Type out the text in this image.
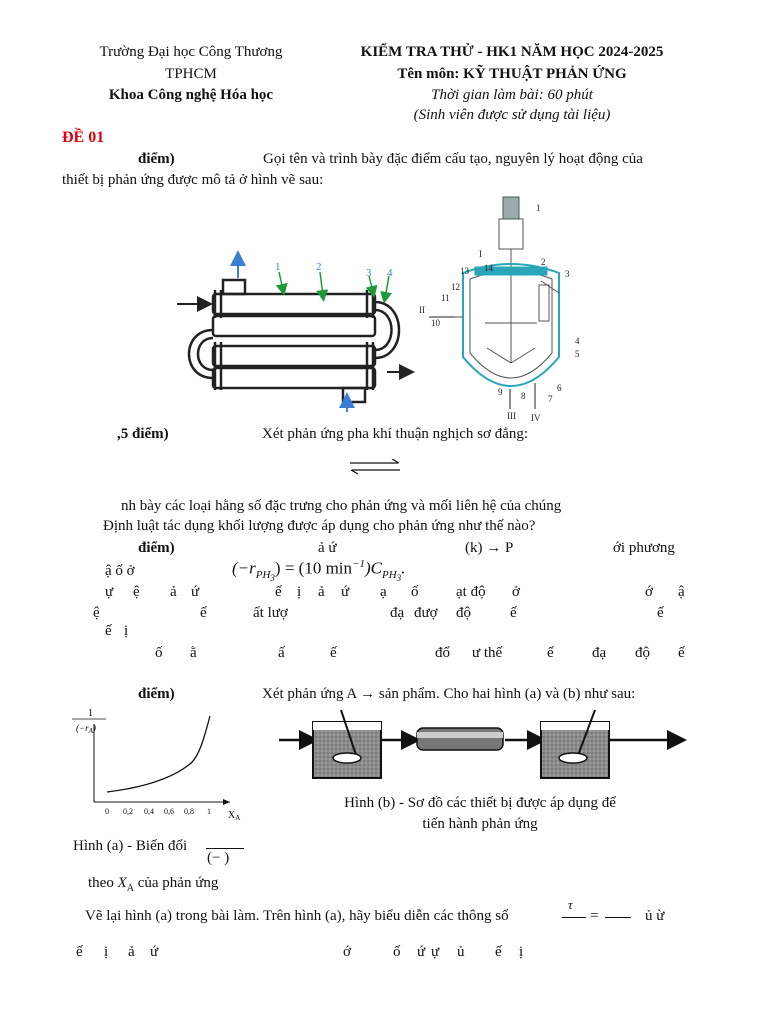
Trường Đại học Công Thương
TPHCM
Khoa Công nghệ Hóa học
KIỂM TRA THỬ - HK1 NĂM HỌC 2024-2025
Tên môn: KỸ THUẬT PHẢN ỨNG
Thời gian làm bài: 60 phút
(Sinh viên được sử dụng tài liệu)
ĐỀ 01
điểm)	Gọi tên và trình bày đặc điểm cấu tạo, nguyên lý hoạt động của
thiết bị phản ứng được mô tả ở hình vẽ sau:
1	2	3 4
1
2
3
4
5
6
7
8
9
10
11
12
13 14
I
II
III IV
,5 điểm)	Xét phản ứng pha khí thuận nghịch sơ đẳng:
nh bày các loại hằng số đặc trưng cho phản ứng và mối liên hệ của chúng
Định luật tác dụng khối lượng được áp dụng cho phản ứng như thế nào?
điểm)	ả ứ	(k) → P	ới phương
ậ ố ở	$(-r_{PH_3}) = (10$ $\min^{-1})C_{PH_3}$.
ự ệ ả ứ	ế ị ả ứ ạ ố	ạt độ ở	ớ ậ
ệ	ế	ất lượ	đạ đượ độ	ế	ế
ế ị
ố ằ	ấ	ế	đổ ư thế	ế	đạ độ ế
điểm)	Xét phản ứng A → sản phẩm. Cho hai hình (a) và (b) như sau:
1
$(-r_A)$
0 0,2 0,4 0,6 0,8 1 $X_A$
Hình (b) - Sơ đồ các thiết bị được áp dụng để
tiến hành phản ứng
Hình (a) - Biến đổi
(− )
theo $X_A$ của phản ứng
Vẽ lại hình (a) trong bài làm. Trên hình (a), hãy biểu diễn các thông số
τ
=	ủ ừ
ế ị ả ứ	ớ	ố ứ ự ủ ế ị
